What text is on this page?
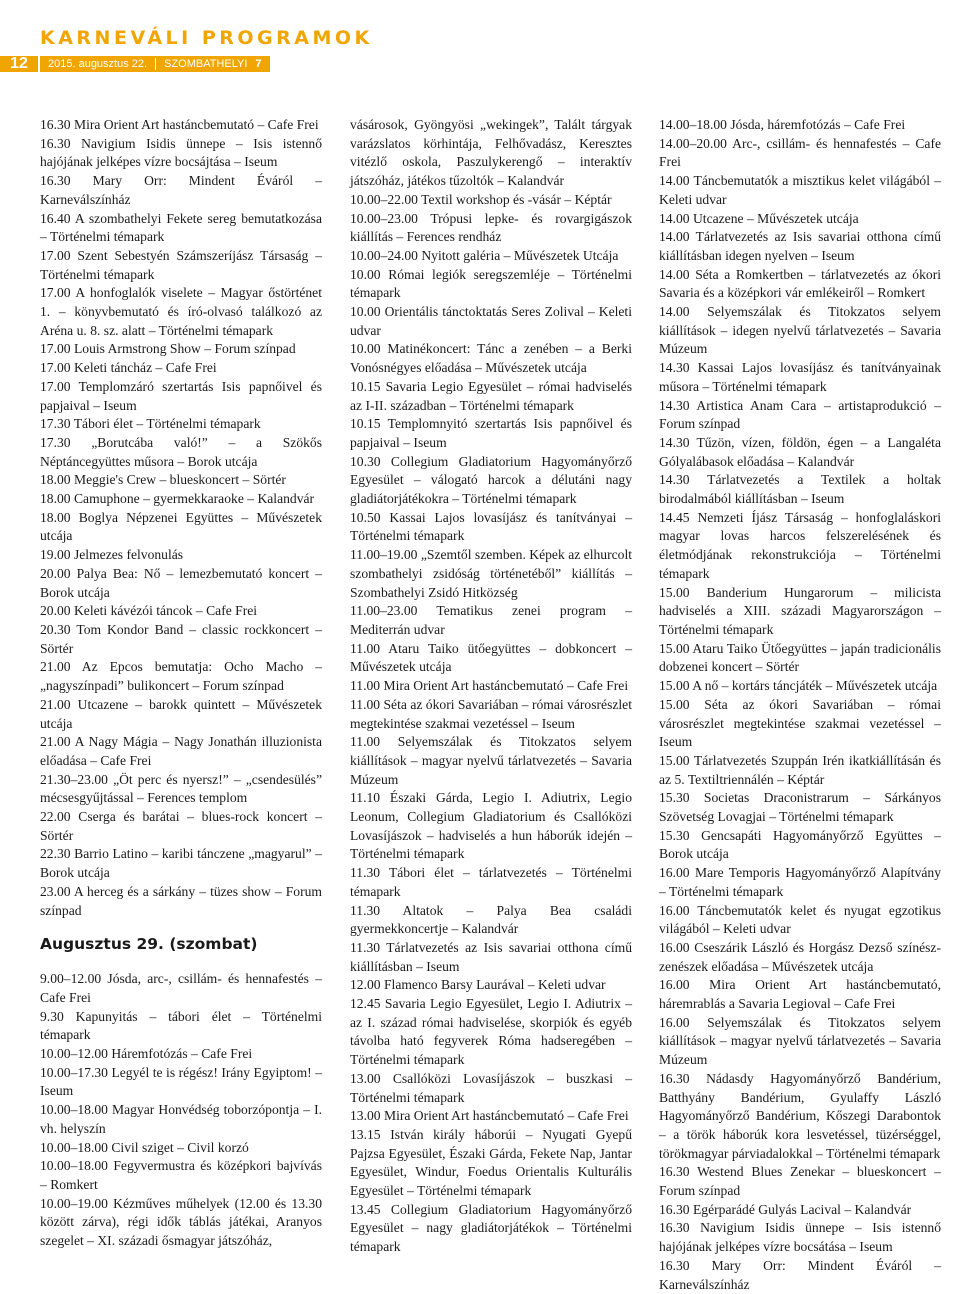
KARNEVÁLI PROGRAMOK
12	2015. augusztus 22. SZOMBATHELYI 7
16.30 Mira Orient Art hastáncbemutató – Cafe Frei
16.30 Navigium Isidis ünnepe – Isis istennő hajójának jelképes vízre bocsájtása – Iseum
16.30 Mary Orr: Mindent Éváról – Karneválszínház
16.40 A szombathelyi Fekete sereg bemutatkozása – Történelmi témapark
17.00 Szent Sebestyén Számszeríjász Társaság – Történelmi témapark
17.00 A honfoglalók viselete – Magyar őstörténet 1. – könyvbemutató és író-olvasó találkozó az Aréna u. 8. sz. alatt – Történelmi témapark
17.00 Louis Armstrong Show – Forum színpad
17.00 Keleti táncház – Cafe Frei
17.00 Templomzáró szertartás Isis papnőivel és papjaival – Iseum
17.30 Tábori élet – Történelmi témapark
17.30 „Borutcába való!” – a Szökős Néptáncegyüttes műsora – Borok utcája
18.00 Meggie's Crew – blueskoncert – Sörtér
18.00 Camuphone – gyermekkaraoke – Kalandvár
18.00 Boglya Népzenei Együttes – Művészetek utcája
19.00 Jelmezes felvonulás
20.00 Palya Bea: Nő – lemezbemutató koncert – Borok utcája
20.00 Keleti kávézói táncok – Cafe Frei
20.30 Tom Kondor Band – classic rockkoncert – Sörtér
21.00 Az Epcos bemutatja: Ocho Macho – „nagyszínpadi” bulikoncert – Forum színpad
21.00 Utcazene – barokk quintett – Művészetek utcája
21.00 A Nagy Mágia – Nagy Jonathán illuzionista előadása – Cafe Frei
21.30–23.00 „Öt perc és nyersz!” – „csendesülés” mécsesgyűjtással – Ferences templom
22.00 Cserga és barátai – blues-rock koncert – Sörtér
22.30 Barrio Latino – karibi tánczene „magyarul” – Borok utcája
23.00 A herceg és a sárkány – tüzes show – Forum színpad
Augusztus 29. (szombat)
9.00–12.00 Jósda, arc-, csillám- és hennafestés – Cafe Frei
9.30 Kapunyitás – tábori élet – Történelmi témapark
10.00–12.00 Háremfotózás – Cafe Frei
10.00–17.30 Legyél te is régész! Irány Egyiptom! – Iseum
10.00–18.00 Magyar Honvédség toborzópontja – I. vh. helyszín
10.00–18.00 Civil sziget – Civil korzó
10.00–18.00 Fegyvermustra és középkori bajvívás – Romkert
10.00–19.00 Kézműves műhelyek (12.00 és 13.30 között zárva), régi idők táblás játékai, Aranyos szegelet – XI. századi ősmagyar játszóház,
vásárosok, Gyöngyösi „wekingek”, Talált tárgyak varázslatos körhintája, Felhővadász, Keresztes vitézlő oskola, Paszulykerengő – interaktív játszóház, játékos tűzoltók – Kalandvár
10.00–22.00 Textil workshop és -vásár – Képtár
10.00–23.00 Trópusi lepke- és rovargigászok kiállítás – Ferences rendház
10.00–24.00 Nyitott galéria – Művészetek Utcája
10.00 Római legiók seregszemléje – Történelmi témapark
10.00 Orientális tánctoktatás Seres Zolival – Keleti udvar
10.00 Matinékoncert: Tánc a zenében – a Berki Vonósnégyes előadása – Művészetek utcája
10.15 Savaria Legio Egyesület – római hadviselés az I-II. században – Történelmi témapark
10.15 Templomnyitó szertartás Isis papnőivel és papjaival – Iseum
10.30 Collegium Gladiatorium Hagyományőrző Egyesület – válogató harcok a délutáni nagy gladiátorjátékokra – Történelmi témapark
10.50 Kassai Lajos lovasíjász és tanítványai – Történelmi témapark
11.00–19.00 „Szemtől szemben. Képek az elhurcolt szombathelyi zsidóság történetéből” kiállítás – Szombathelyi Zsidó Hitközség
11.00–23.00 Tematikus zenei program – Mediterrán udvar
11.00 Ataru Taiko ütőegyüttes – dobkoncert – Művészetek utcája
11.00 Mira Orient Art hastáncbemutató – Cafe Frei
11.00 Séta az ókori Savariában – római városrészlet megtekintése szakmai vezetéssel – Iseum
11.00 Selyemszálak és Titokzatos selyem kiállítások – magyar nyelvű tárlatvezetés – Savaria Múzeum
11.10 Északi Gárda, Legio I. Adiutrix, Legio Leonum, Collegium Gladiatorium és Csallóközi Lovasíjászok – hadviselés a hun háborúk idején – Történelmi témapark
11.30 Tábori élet – tárlatvezetés – Történelmi témapark
11.30 Altatok – Palya Bea családi gyermekkoncertje – Kalandvár
11.30 Tárlatvezetés az Isis savariai otthona című kiállításban – Iseum
12.00 Flamenco Barsy Laurával – Keleti udvar
12.45 Savaria Legio Egyesület, Legio I. Adiutrix – az I. század római hadviselése, skorpiók és egyéb távolba ható fegyverek Róma hadseregében – Történelmi témapark
13.00 Csallóközi Lovasíjászok – buszkasi – Történelmi témapark
13.00 Mira Orient Art hastáncbemutató – Cafe Frei
13.15 István király háborúi – Nyugati Gyepű Pajzsa Egyesület, Északi Gárda, Fekete Nap, Jantar Egyesület, Windur, Foedus Orientalis Kulturális Egyesület – Történelmi témapark
13.45 Collegium Gladiatorium Hagyományőrző Egyesület – nagy gladiátorjátékok – Történelmi témapark
14.00–18.00 Jósda, háremfotózás – Cafe Frei
14.00–20.00 Arc-, csillám- és hennafestés – Cafe Frei
14.00 Táncbemutatók a misztikus kelet világából – Keleti udvar
14.00 Utcazene – Művészetek utcája
14.00 Tárlatvezetés az Isis savariai otthona című kiállításban idegen nyelven – Iseum
14.00 Séta a Romkertben – tárlatvezetés az ókori Savaria és a középkori vár emlékeiről – Romkert
14.00 Selyemszálak és Titokzatos selyem kiállítások – idegen nyelvű tárlatvezetés – Savaria Múzeum
14.30 Kassai Lajos lovasíjász és tanítványainak műsora – Történelmi témapark
14.30 Artistica Anam Cara – artistaprodukció – Forum színpad
14.30 Tűzön, vízen, földön, égen – a Langaléta Gólyalábasok előadása – Kalandvár
14.30 Tárlatvezetés a Textilek a holtak birodalmából kiállításban – Iseum
14.45 Nemzeti Íjász Társaság – honfoglaláskori magyar lovas harcos felszerelésének és életmódjának rekonstrukciója – Történelmi témapark
15.00 Banderium Hungarorum – milicista hadviselés a XIII. századi Magyarországon – Történelmi témapark
15.00 Ataru Taiko Ütőegyüttes – japán tradicionális dobzenei koncert – Sörtér
15.00 A nő – kortárs táncjáték – Művészetek utcája
15.00 Séta az ókori Savariában – római városrészlet megtekintése szakmai vezetéssel – Iseum
15.00 Tárlatvezetés Szuppán Irén ikatkiállításán és az 5. Textiltriennálén – Képtár
15.30 Societas Draconistrarum – Sárkányos Szövetség Lovagjai – Történelmi témapark
15.30 Gencsapáti Hagyományőrző Együttes – Borok utcája
16.00 Mare Temporis Hagyományőrző Alapítvány – Történelmi témapark
16.00 Táncbemutatók kelet és nyugat egzotikus világából – Keleti udvar
16.00 Cseszárik László és Horgász Dezső színész-zenészek előadása – Művészetek utcája
16.00 Mira Orient Art hastáncbemutató, háremrablás a Savaria Legioval – Cafe Frei
16.00 Selyemszálak és Titokzatos selyem kiállítások – magyar nyelvű tárlatvezetés – Savaria Múzeum
16.30 Nádasdy Hagyományőrző Bandérium, Batthyány Bandérium, Gyulaffy László Hagyományőrző Bandérium, Kőszegi Darabontok – a török háborúk kora lesvetéssel, tüzérséggel, törökmagyar párviadalokkal – Történelmi témapark
16.30 Westend Blues Zenekar – blueskoncert – Forum színpad
16.30 Egérparádé Gulyás Lacival – Kalandvár
16.30 Navigium Isidis ünnepe – Isis istennő hajójának jelképes vízre bocsátása – Iseum
16.30 Mary Orr: Mindent Éváról – Karneválszínház
